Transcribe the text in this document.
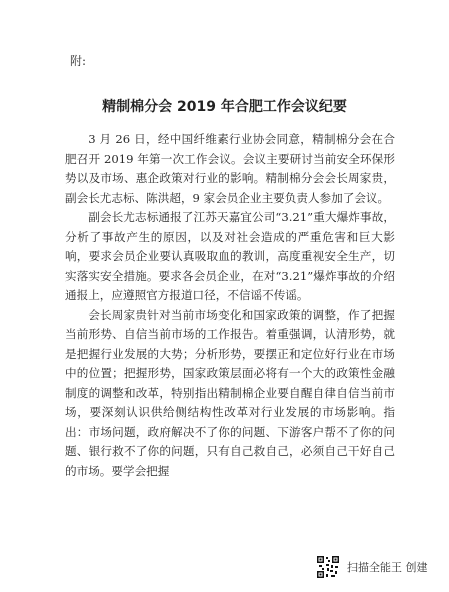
附:
精制棉分会 2019 年合肥工作会议纪要

3 月 26 日，经中国纤维素行业协会同意，精制棉分会在合肥召开 2019 年第一次工作会议。会议主要研讨当前安全环保形势以及市场、惠企政策对行业的影响。精制棉分会会长周家贵，副会长尤志标、陈洪超，9 家会员企业主要负责人参加了会议。

副会长尤志标通报了江苏天嘉宜公司“3.21”重大爆炸事故，分析了事故产生的原因，以及对社会造成的严重危害和巨大影响，要求会员企业要认真吸取血的教训，高度重视安全生产，切实落实安全措施。要求各会员企业，在对“3.21”爆炸事故的介绍通报上，应遵照官方报道口径，不信谣不传谣。

会长周家贵针对当前市场变化和国家政策的调整，作了把握当前形势、自信当前市场的工作报告。着重强调，认清形势，就是把握行业发展的大势；分析形势，要摆正和定位好行业在市场中的位置；把握形势，国家政策层面必将有一个大的政策性金融制度的调整和改革，特别指出精制棉企业要自醒自律自信当前市场，要深刻认识供给侧结构性改革对行业发展的市场影响。指出：市场问题，政府解决不了你的问题、下游客户帮不了你的问题、银行救不了你的问题，只有自己救自己，必须自己干好自己的市场。要学会把握

扫描全能王 创建
